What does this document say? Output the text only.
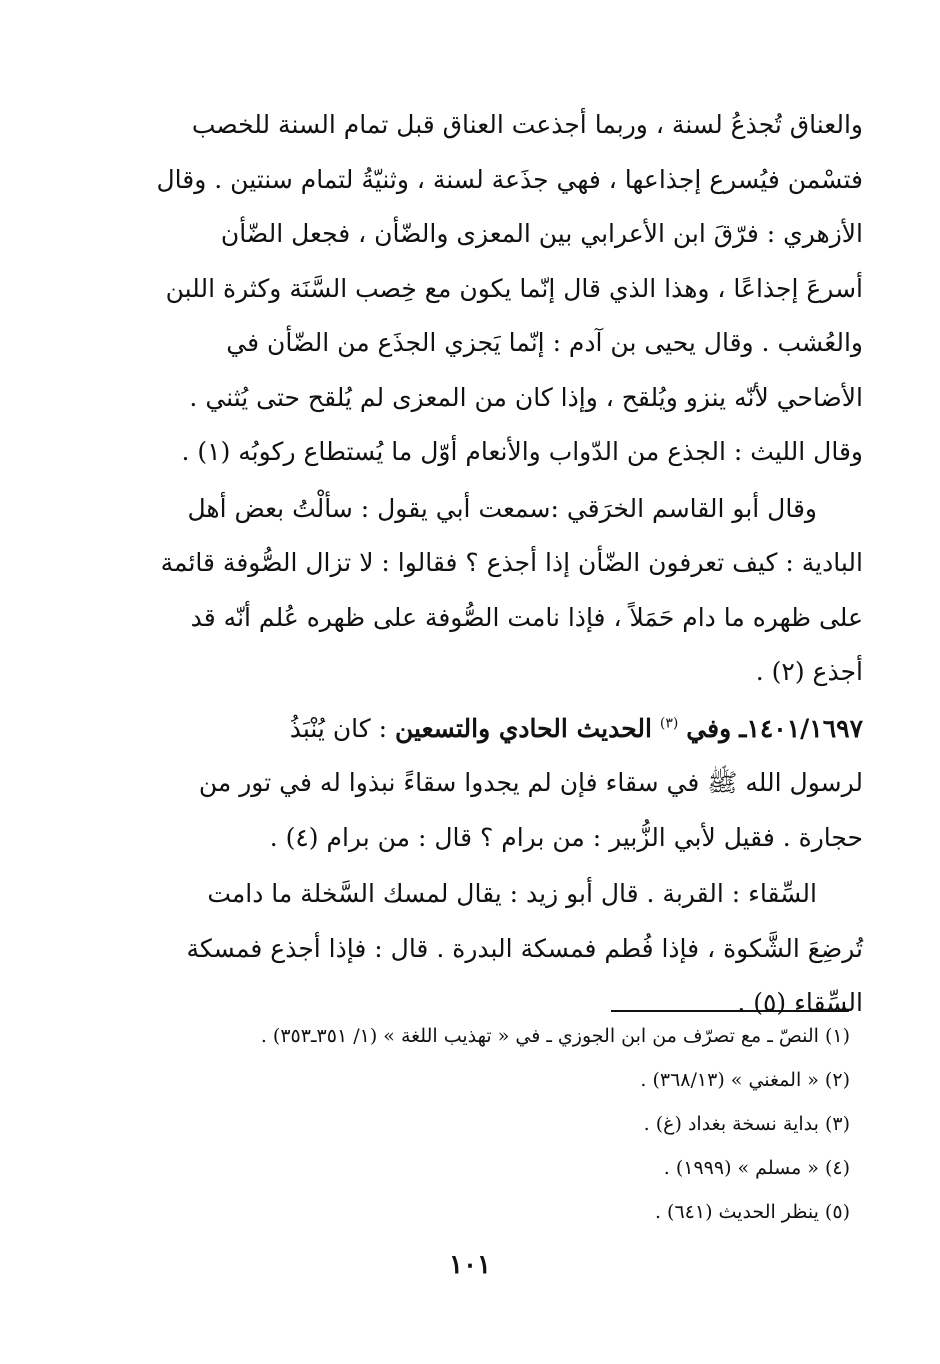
والعناق تُجذعُ لسنة ، وربما أجذعت العناق قبل تمام السنة للخصب
فتسْمن فيُسرع إجذاعها ، فهي جذَعة لسنة ، وثنيّةُ لتمام سنتين . وقال
الأزهري : فرّقَ ابن الأعرابي بين المعزى والضّأن ، فجعل الضّأن
أسرعَ إجذاعًا ، وهذا الذي قال إنّما يكون مع خِصب السَّنَة وكثرة اللبن
والعُشب . وقال يحيى بن آدم : إنّما يَجزي الجذَع من الضّأن في
الأضاحي لأنّه ينزو ويُلقح ، وإذا كان من المعزى لم يُلقح حتى يُثني .
وقال الليث : الجذع من الدّواب والأنعام أوّل ما يُستطاع ركوبُه (١) .

وقال أبو القاسم الخرَقي :سمعت أبي يقول : سألْتُ بعض أهل
البادية : كيف تعرفون الضّأن إذا أجذع ؟ فقالوا : لا تزال الصُّوفة قائمة
على ظهره ما دام حَمَلاً ، فإذا نامت الصُّوفة على ظهره عُلم أنّه قد
أجذع (٢) .

١٤٠١/١٦٩٧ـ وفي $^{(٣)}$ الحديث الحادي والتسعين : كان يُنْبَذُ
لرسول الله ﷺ في سقاء فإن لم يجدوا سقاءً نبذوا له في تور من
حجارة . فقيل لأبي الزُّبير : من برام ؟ قال : من برام (٤) .

السِّقاء : القربة . قال أبو زيد : يقال لمسك السَّخلة ما دامت
تُرضِعَ الشَّكوة ، فإذا فُطم فمسكة البدرة . قال : فإذا أجذع فمسكة
السِّقاء (٥) .

(١) النصّ ـ مع تصرّف من ابن الجوزي ـ في « تهذيب اللغة » (١/ ٣٥١ـ٣٥٣) .
(٢) « المغني » (٣٦٨/١٣) .
(٣) بداية نسخة بغداد (غ) .
(٤) « مسلم » (١٩٩٩) .
(٥) ينظر الحديث (٦٤١) .
١٠١
